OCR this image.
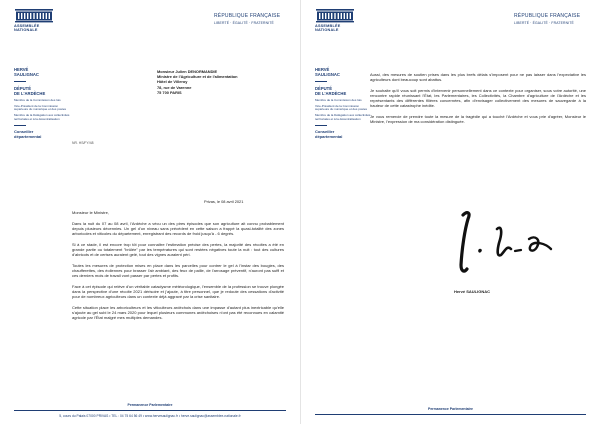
ASSEMBLÉE
NATIONALE
RÉPUBLIQUE FRANÇAISE
LIBERTÉ · ÉGALITÉ · FRATERNITÉ
HERVÉ
SAULIGNAC
DÉPUTÉ
DE L'ARDÈCHE
Membre de la Commission des lois
Vice-Président de la Commission supérieure du numérique et des postes
Membre de la Délégation aux collectivités territoriales et à la décentralisation
Conseiller
départemental
NR. HS/FY/48
Monsieur Julien DENORMANDIE
Ministre de l'Agriculture et de l'alimentation
Hôtel de Villeroy
78, rue de Varenne
75 700 PARIS
Privas, le 08 avril 2021

Monsieur le Ministre,

Dans la nuit du 07 au 08 avril, l'Ardèche a vécu un des pires épisodes que son agriculture ait connu probablement depuis plusieurs décennies. Un gel d'un niveau sans précédent en cette saison a frappé la quasi-totalité des zones arboricoles et viticoles du département, enregistrant des records de froid jusqu'à - 6 degrés.

Si à ce stade, il est encore trop tôt pour connaître l'estimation précise des pertes, la majorité des récoltes a été en grande partie ou totalement "brûlée" par les températures qui sont restées négatives toute la nuit : tout des cultures d'abricots et de cerises auraient gelé, tout des vignes auraient péri.

Toutes les mesures de protection mises en place dans les parcelles pour contrer le gel à l'instar des bougies, des chaufferettes, des éoliennes pour brasser l'air ambiant, des feux de paille, de l'arrosage préventif, n'auront pas suffi et ces derniers mois de travail vont passer par pertes et profits.

Face à cet épisode qui relève d'un véritable cataclysme météorologique, l'ensemble de la profession se trouve plongée dans la perspective d'une récolte 2021 dérisoire et j'ajoute, à titre personnel, que je redoute des cessations d'activité pour de nombreux agriculteurs dans un contexte déjà aggravé par la crise sanitaire.

Cette situation place les arboriculteurs et les viticulteurs ardéchois dans une impasse d'autant plus inextricable qu'elle s'ajoute au gel subi le 24 mars 2020 pour lequel plusieurs communes ardéchoises n'ont pas été reconnues en calamité agricole par l'État malgré mes multiples demandes.

Permanence Parlementaire
5, cours du Palais 07000 PRIVAS • TEL : 04 75 64 56 49 • www.hervesaulignac.fr • herve.saulignac@assemblee-nationale.fr
ASSEMBLÉE
NATIONALE
RÉPUBLIQUE FRANÇAISE
LIBERTÉ · ÉGALITÉ · FRATERNITÉ
HERVÉ
SAULIGNAC
DÉPUTÉ
DE L'ARDÈCHE
Membre de la Commission des lois
Vice-Président de la Commission supérieure du numérique et des postes
Membre de la Délégation aux collectivités territoriales et à la décentralisation
Conseiller
départemental

Aussi, des mesures de soutien prises dans les plus brefs délais s'imposent pour ne pas laisser dans l'expectative les agriculteurs dont beaucoup sont abattus.

Je souhaite qu'il vous soit permis d'intervenir personnellement dans ce contexte pour organiser, sous votre autorité, une rencontre rapide réunissant l'État, les Parlementaires, les Collectivités, la Chambre d'agriculture de l'Ardèche et les représentants des différentes filières concernées, afin d'envisager collectivement des mesures de sauvegarde à la hauteur de cette catastrophe inédite.

Je vous remercie de prendre toute la mesure de la tragédie qui a touché l'Ardèche et vous prie d'agréer, Monsieur le Ministre, l'expression de ma considération distinguée.

Hervé SAULIGNAC
Permanence Parlementaire
